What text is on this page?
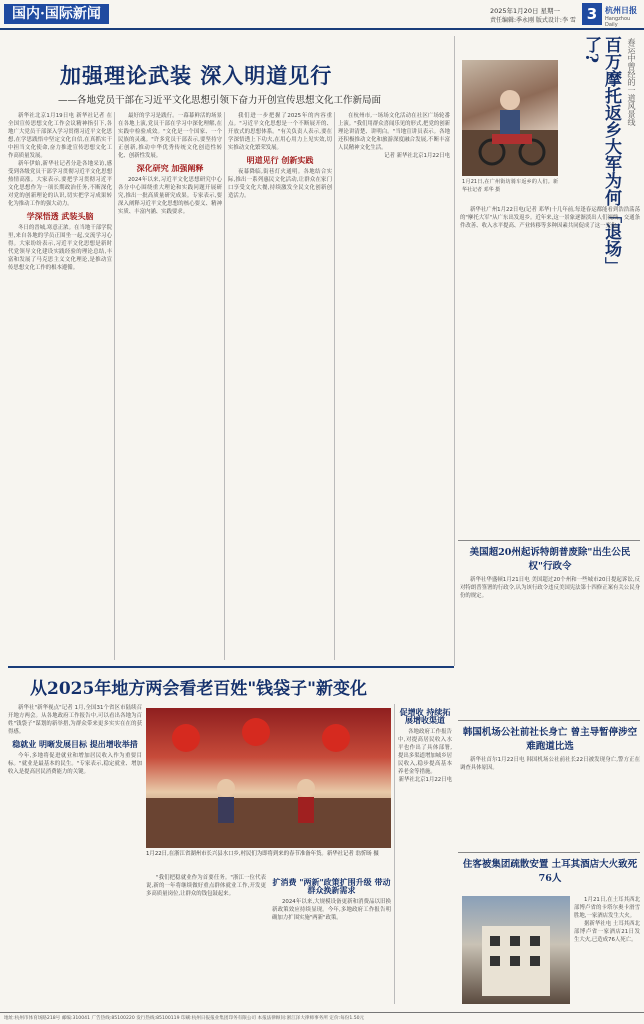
国内·国际新闻	2025年1月20日 星期一
责任编辑:季永刚 版式设计:李 雪 3 杭州日报
Hangzhou Daily
加强理论武装 深入明道见行
——各地党员干部在习近平文化思想引领下奋力开创宣传思想文化工作新局面

新华社北京1月19日电 新华社记者 在全国宣传思想文化工作会议精神指引下,各地广大党员干部深入学习贯彻习近平文化思想,在学思践悟中坚定文化自信,在真抓实干中担当文化使命,奋力推进宣传思想文化工作高质量发展。

新年伊始,新华社记者分赴各地采访,感受到各级党员干部学习贯彻习近平文化思想热情高涨。大家表示,要把学习贯彻习近平文化思想作为一项长期政治任务,不断深化对党的创新理论的认识,切实把学习成果转化为推动工作的强大动力。

学深悟透 武装头脑

冬日的晋城,寒意正浓。在当地干部学院里,来自各地的学员正围坐一起,交流学习心得。大家纷纷表示,习近平文化思想是新时代党领导文化建设实践经验的理论总结,丰富和发展了马克思主义文化理论,是推动宣传思想文化工作的根本遵循。

最好的学习是践行。一幕幕鲜活的场景在各地上演,党员干部在学习中深化理解,在实践中检验成效。"文化是一个国家、一个民族的灵魂。"许多党员干部表示,要坚持守正创新,推动中华优秀传统文化创造性转化、创新性发展。

深化研究 加强阐释

2024年以来,习近平文化思想研究中心各分中心围绕重大理论和实践问题开展研究,推出一批高质量研究成果。专家表示,要深入阐释习近平文化思想的核心要义、精神实质、丰富内涵、实践要求。

我们进一步把握了2025年的内容重点。"习近平文化思想是一个不断展开的、开放式的思想体系。"有关负责人表示,要在学深悟透上下功夫,在用心用力上见实效,切实推动文化繁荣发展。

明道见行 创新实践

夜幕降临,街巷灯火通明。各地结合实际,推出一系列惠民文化活动,让群众在家门口享受文化大餐,持续激发全民文化创新创造活力。

在杭州市,一场场文化活动在社区广场轮番上演。"我们用群众喜闻乐见的形式,把党的创新理论讲清楚、讲明白。"当地宣讲员表示。各地还积极推动文化和旅游深度融合发展,不断丰富人民精神文化生活。

记者 新华社北京1月22日电
1月21日,在广州街坊骑车返乡的人们。新华社记者 邓华 摄
春运中曾经的一道风景线
百万摩托返乡大军为何「退场」了?

新华社广州1月22日电(记者 邓华)十几年前,每逢春运都能看到浩浩荡荡的"摩托大军"从广东出发返乡。近年来,这一景象逐渐淡出人们视线。交通条件改善、收入水平提高、产业转移等多种因素共同促成了这一变化。

美国超20州起诉特朗普废除"出生公民权"行政令

新华社华盛顿1月21日电 美国超过20个州和一些城市20日提起诉讼,反对特朗普签署的行政令,认为该行政令违反美国宪法第十四修正案有关公民身份的规定。

从2025年地方两会看老百姓"钱袋子"新变化

新华社"新华视点"记者 1月,全国31个省区市陆续召开地方两会。从各地政府工作报告中,可以看出各地为百姓"钱袋子"谋划的新举措,为群众带来更多实实在在的获得感。

稳就业 明晰发展目标 提出增收举措

今年,多地将促进就业和增加居民收入作为重要目标。"就业是最基本的民生。"专家表示,稳定就业、增加收入是提高居民消费能力的关键。

1月22日,在浙江省湖州市长兴县水口乡,村民们为即将到来的春节准备年货。新华社记者 翁忻旸 摄

"我们把稳就业作为首要任务。"浙江一位代表说,新的一年将继续做好重点群体就业工作,开发更多高质量岗位,让群众的钱包鼓起来。

扩消费 "两新"政策扩围升级 带动群众换新需求

2024年以来,大规模设备更新和消费品以旧换新政策效应持续显现。今年,多地政府工作报告明确加力扩围实施"两新"政策。

促增收 持续拓展增收渠道

各地政府工作报告中,对提高居民收入水平也作出了具体部署,提出多渠道增加城乡居民收入,稳步提高基本养老金等措施。

新华社北京1月22日电
韩国机场公社前社长身亡 曾主导暂停涉空难跑道比选

新华社首尔1月22日电 韩国机场公社前社长22日被发现身亡,警方正在调查具体原因。

住客被集团疏散安置 土耳其酒店大火致死76人

1月21日,在土耳其西北部博卢省的卡塔尔奥卡滑雪胜地,一家酒店发生大火。

据新华社电 土耳其西北部博卢省一家酒店21日发生大火,已造成76人死亡。

地址:杭州市体育场路218号 邮编:310041 广告热线:85100220 发行热线:85100119 印刷:杭州日报报业集团印务有限公司 本报法律顾问:浙江泽大律师事务所 定价:每份1.50元
